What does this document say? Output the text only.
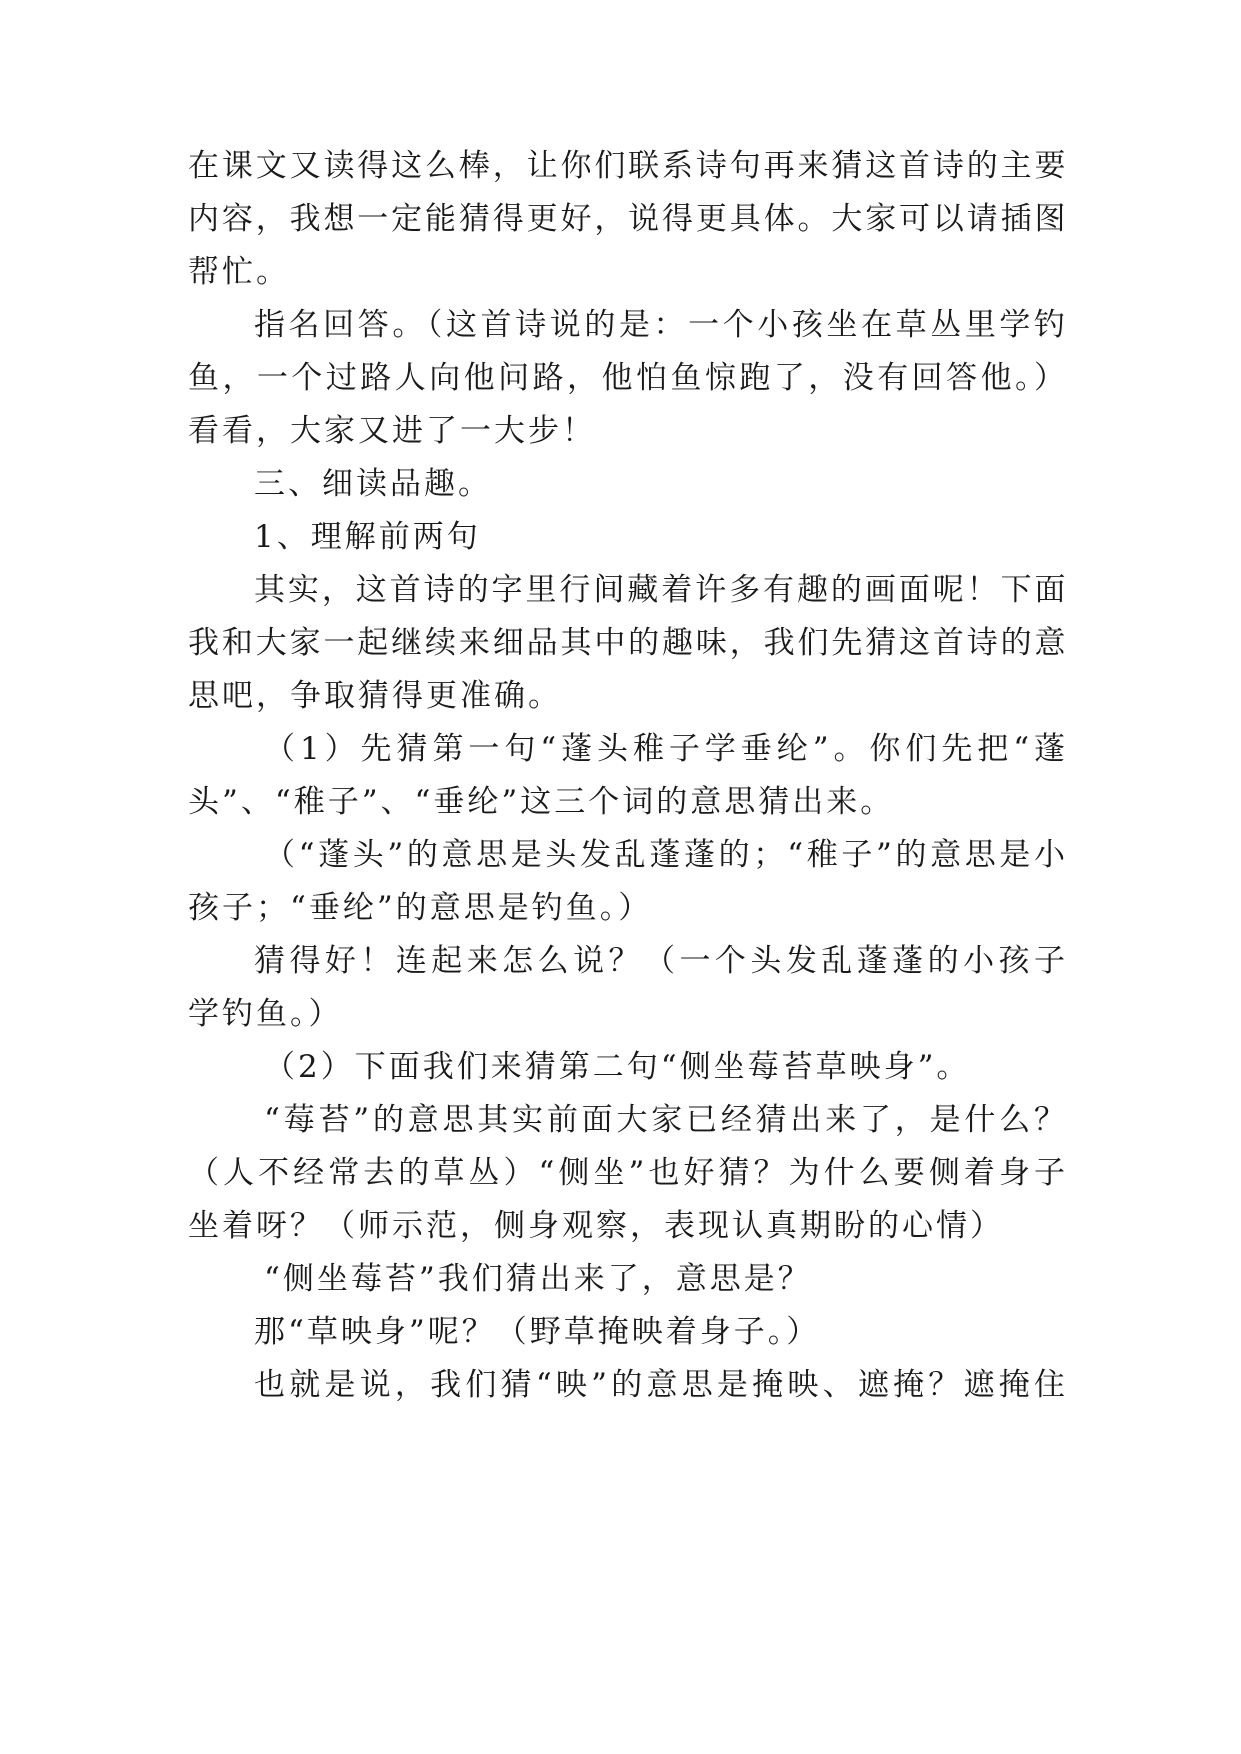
在课文又读得这么棒，让你们联系诗句再来猜这首诗的主要
内容，我想一定能猜得更好，说得更具体。大家可以请插图
帮忙。
指名回答。（这首诗说的是：一个小孩坐在草丛里学钓
鱼，一个过路人向他问路，他怕鱼惊跑了，没有回答他。）
看看，大家又进了一大步！
三、细读品趣。
1、理解前两句
其实，这首诗的字里行间藏着许多有趣的画面呢！下面
我和大家一起继续来细品其中的趣味，我们先猜这首诗的意
思吧，争取猜得更准确。
（1）先猜第一句“蓬头稚子学垂纶”。你们先把“蓬
头”、“稚子”、“垂纶”这三个词的意思猜出来。
（“蓬头”的意思是头发乱蓬蓬的；“稚子”的意思是小
孩子；“垂纶”的意思是钓鱼。）
猜得好！连起来怎么说？（一个头发乱蓬蓬的小孩子
学钓鱼。）
（2）下面我们来猜第二句“侧坐莓苔草映身”。
“莓苔”的意思其实前面大家已经猜出来了，是什么？
（人不经常去的草丛）“侧坐”也好猜？为什么要侧着身子
坐着呀？（师示范，侧身观察，表现认真期盼的心情）
“侧坐莓苔”我们猜出来了，意思是？
那“草映身”呢？（野草掩映着身子。）
也就是说，我们猜“映”的意思是掩映、遮掩？遮掩住
